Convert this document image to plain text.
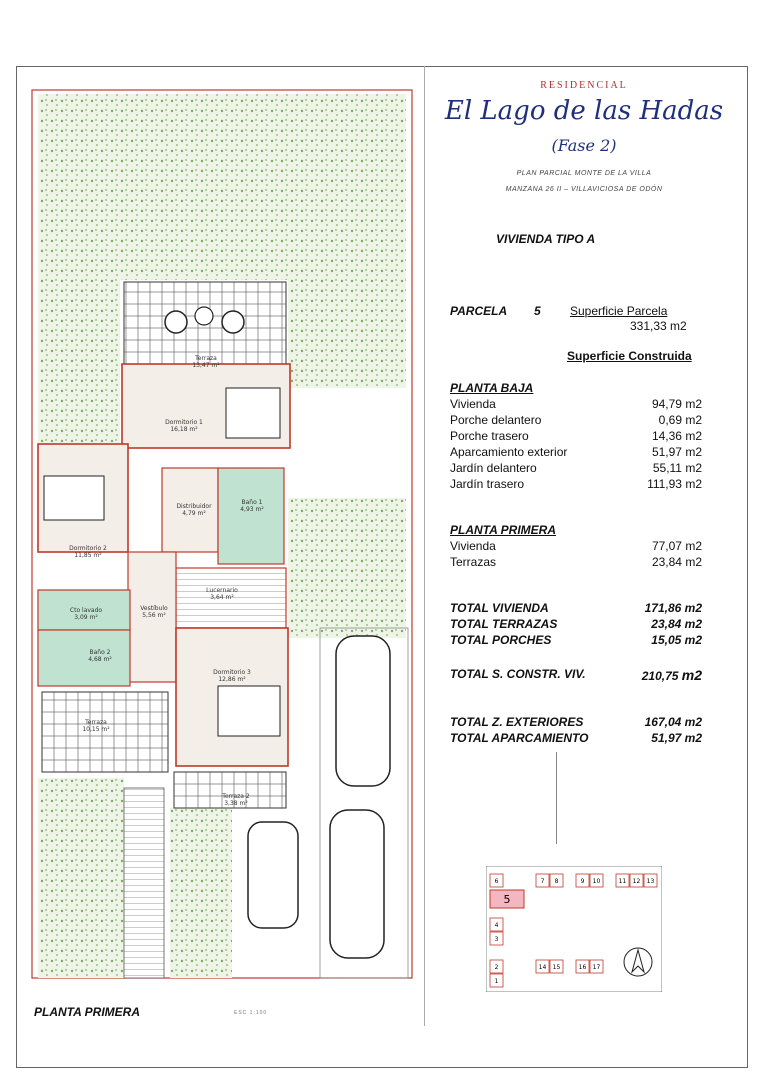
Terraza 13,47 m²
Dormitorio 1 16,18 m²
Distribuidor 4,79 m²
Baño 1 4,93 m²
Dormitorio 2 11,85 m²
Lucernario 3,64 m²
Vestíbulo 5,56 m²
Cto lavado 3,09 m²
Baño 2 4,68 m²
Dormitorio 3 12,86 m²
Terraza 10,15 m²
Terraza 2 3,38 m²
RESIDENCIAL
El Lago de las Hadas
(Fase 2)
PLAN PARCIAL MONTE DE LA VILLA
MANZANA 26 II – VILLAVICIOSA DE ODÓN
VIVIENDA TIPO A
PARCELA 5 Superficie Parcela
331,33 m2
Superficie Construida
PLANTA BAJA
Vivienda	94,79 m2
Porche delantero	0,69 m2
Porche trasero	14,36 m2
Aparcamiento exterior	51,97 m2
Jardín delantero	55,11 m2
Jardín trasero	111,93 m2
PLANTA PRIMERA
Vivienda	77,07 m2
Terrazas	23,84 m2
TOTAL VIVIENDA	171,86 m2
TOTAL TERRAZAS	23,84 m2
TOTAL PORCHES	15,05 m2
TOTAL S. CONSTR. VIV.	210,75 m2
TOTAL Z. EXTERIORES	167,04 m2
TOTAL APARCAMIENTO	51,97 m2
6	7 8	9 10	11 12 13
4
3
2
1
14 15	16 17
5
PLANTA PRIMERA	ESC 1:100
